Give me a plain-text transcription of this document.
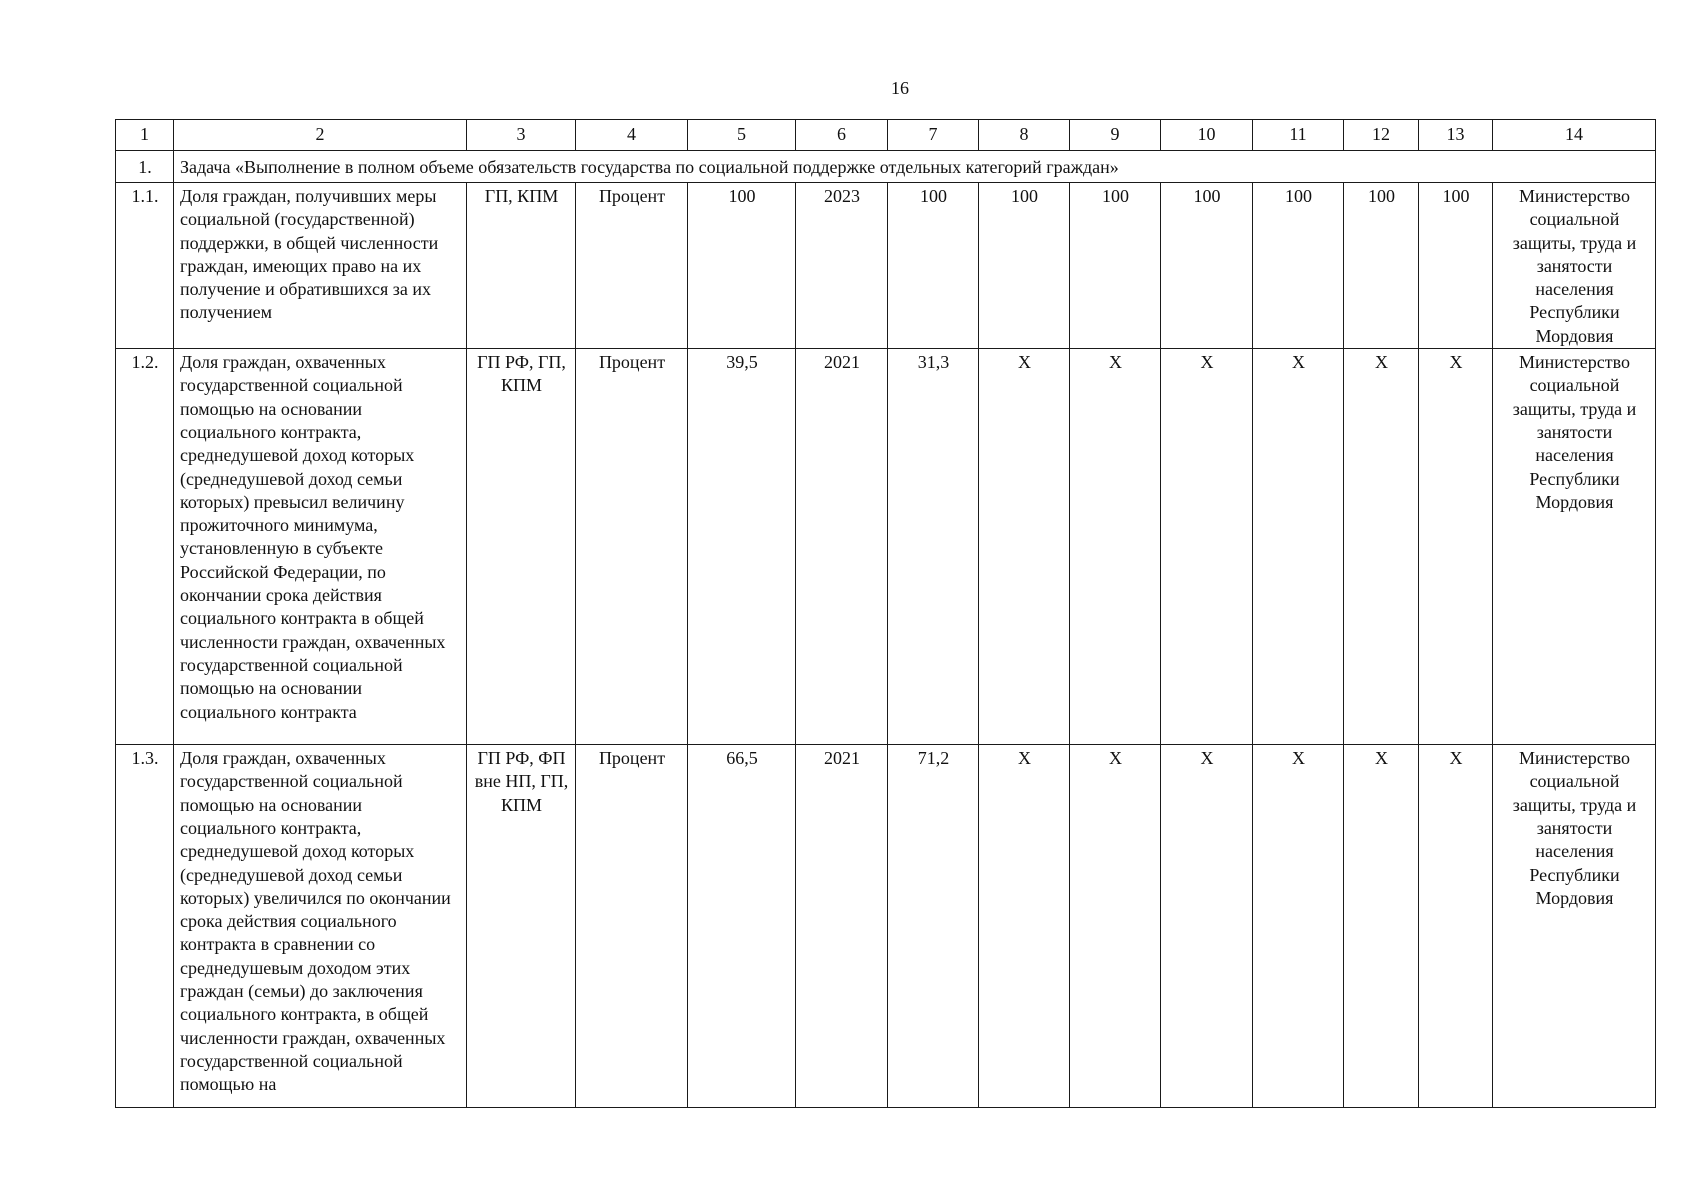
16
1	2	3	4	5	6	7	8	9	10	11	12	13	14
1.	Задача «Выполнение в полном объеме обязательств государства по социальной поддержке отдельных категорий граждан»												
1.1.	Доля граждан, получивших меры социальной (государственной) поддержки, в общей численности граждан, имеющих право на их получение и обратившихся за их получением	ГП, КПМ	Процент	100	2023	100	100	100	100	100	100	100	Министерство социальной защиты, труда и занятости населения Республики Мордовия
1.2.	Доля граждан, охваченных государственной социальной помощью на основании социального контракта, среднедушевой доход которых (среднедушевой доход семьи которых) превысил величину прожиточного минимума, установленную в субъекте Российской Федерации, по окончании срока действия социального контракта в общей численности граждан, охваченных государственной социальной помощью на основании социального контракта	ГП РФ, ГП, КПМ	Процент	39,5	2021	31,3	X	X	X	X	X	X	Министерство социальной защиты, труда и занятости населения Республики Мордовия
1.3.	Доля граждан, охваченных государственной социальной помощью на основании социального контракта, среднедушевой доход которых (среднедушевой доход семьи которых) увеличился по окончании срока действия социального контракта в сравнении со среднедушевым доходом этих граждан (семьи) до заключения социального контракта, в общей численности граждан, охваченных государственной социальной помощью на	ГП РФ, ФП вне НП, ГП, КПМ	Процент	66,5	2021	71,2	X	X	X	X	X	X	Министерство социальной защиты, труда и занятости населения Республики Мордовия
